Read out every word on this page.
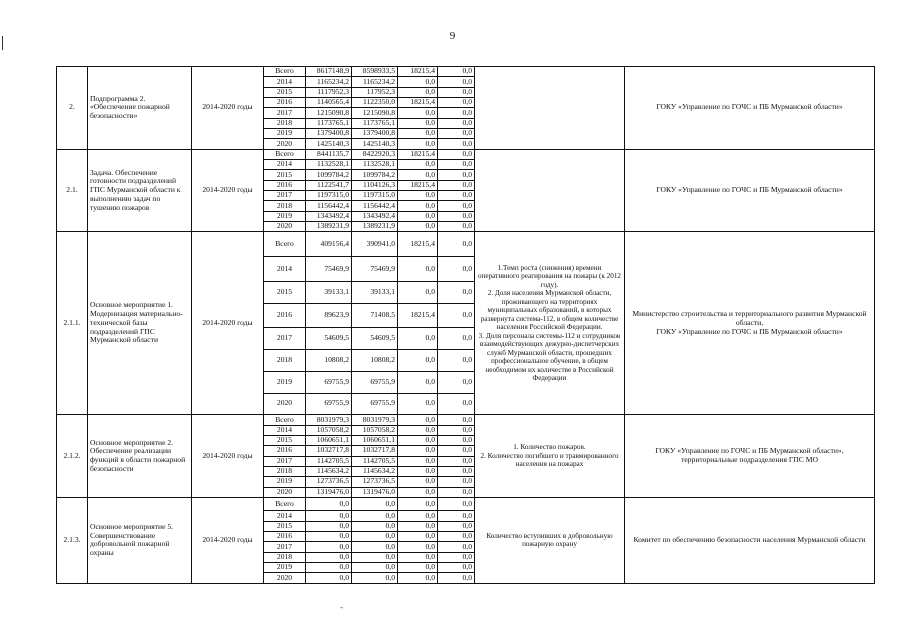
9
2.	Подпрограмма 2. «Обеспечение пожарной безопасности»	2014-2020 годы	Всего	8617148,9	8598933,5	18215,4	0,0		ГОКУ «Управление по ГОЧС и ПБ Мурманской области»
			2014	1165234,2	1165234,2	0,0	0,0		
			2015	1117952,3	117952,3	0,0	0,0		
			2016	1140565,4	1122350,0	18215,4	0,0		
			2017	1215090,8	1215090,8	0,0	0,0		
			2018	1173765,1	1173765,1	0,0	0,0		
			2019	1379400,8	1379400,8	0,0	0,0		
			2020	1425140,3	1425140,3	0,0	0,0		
2.1.	Задача. Обеспечение готовности подразделений ГПС Мурманской области к выполнению задач по тушению пожаров	2014-2020 годы	Всего	8441135,7	8422920,3	18215,4	0,0		ГОКУ «Управление по ГОЧС и ПБ Мурманской области»
			2014	1132528,1	1132528,1	0,0	0,0		
			2015	1099784,2	1099784,2	0,0	0,0		
			2016	1122541,7	1104126,3	18215,4	0,0		
			2017	1197315,0	1197315,0	0,0	0,0		
			2018	1156442,4	1156442,4	0,0	0,0		
			2019	1343492,4	1343492,4	0,0	0,0		
			2020	1389231,9	1389231,9	0,0	0,0		
2.1.1.	Основное мероприятие 1. Модернизация материально-технической базы подразделений ГПС Мурманской области	2014-2020 годы	Всего	409156,4	390941,0	18215,4	0,0	1.Темп роста (снижения) времени оперативного реагирования на пожары (к 2012 году).
2. Доля населения Мурманской области, проживающего на территориях муниципальных образований, в которых развернута система-112, в общем количестве населения Российской Федерации.
3. Доля персонала системы-112 и сотрудников взаимодействующих дежурно-диспетчерских служб Мурманской области, прошедших профессиональное обучение, в общем необходимом их количестве в Российской Федерации	Министерство строительства и территориального развития Мурманской области,
ГОКУ «Управление по ГОЧС и ПБ Мурманской области»
			2014	75469,9	75469,9	0,0	0,0		
			2015	39133,1	39133,1	0,0	0,0		
			2016	89623,9	71408,5	18215,4	0,0		
			2017	54609,5	54609,5	0,0	0,0		
			2018	10808,2	10808,2	0,0	0,0		
			2019	69755,9	69755,9	0,0	0,0		
			2020	69755,9	69755,9	0,0	0,0		
2.1.2.	Основное мероприятие 2. Обеспечение реализации функций в области пожарной безопасности	2014-2020 годы	Всего	8031979,3	8031979,3	0,0	0,0	1. Количество пожаров.
2. Количество погибшего и травмированного населения на пожарах	ГОКУ «Управление по ГОЧС и ПБ Мурманской области», территориальные подразделения ГПС МО
			2014	1057058,2	1057058,2	0,0	0,0		
			2015	1060651,1	1060651,1	0,0	0,0		
			2016	1032717,8	1032717,8	0,0	0,0		
			2017	1142705,5	1142705,5	0,0	0,0		
			2018	1145634,2	1145634,2	0,0	0,0		
			2019	1273736,5	1273736,5	0,0	0,0		
			2020	1319476,0	1319476,0	0,0	0,0		
2.1.3.	Основное мероприятие 5. Совершенствование добровольной пожарной охраны	2014-2020 годы	Всего	0,0	0,0	0,0	0,0	Количество вступивших в добровольную пожарную охрану	Комитет по обеспечению безопасности населения Мурманской области
			2014	0,0	0,0	0,0	0,0		
			2015	0,0	0,0	0,0	0,0		
			2016	0,0	0,0	0,0	0,0		
			2017	0,0	0,0	0,0	0,0		
			2018	0,0	0,0	0,0	0,0		
			2019	0,0	0,0	0,0	0,0		
			2020	0,0	0,0	0,0	0,0		
-
